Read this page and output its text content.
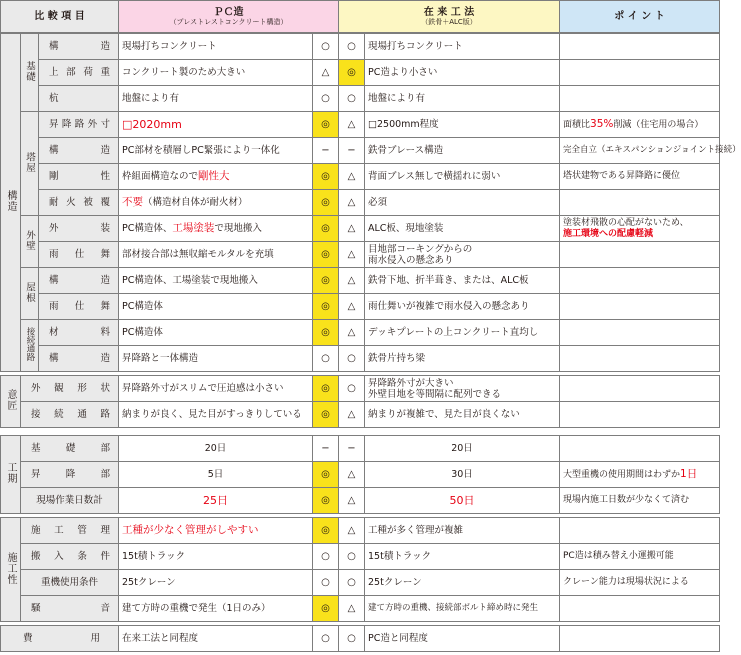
比 較 項 目	ＰＣ造
（プレストレストコンクリート構造）
	在 来 工 法
（鉄骨＋ALC版）	ポ イ ン ト
構造	基礎	構造	現場打ちコンクリート	○	○	現場打ちコンクリート	
		上部荷重	コンクリート製のため大きい	△	◎	PC造より小さい	
		杭	地盤により有	○	○	地盤により有	
	塔屋	昇降路外寸	□2020mm	◎	△	□2500mm程度	面積比35%削減（住宅用の場合）
		構造	PC部材を積層しPC緊張により一体化	−	−	鉄骨ブレース構造	完全自立（エキスパンションジョイント接続）
		剛性	枠組面構造なので剛性大	◎	△	背面ブレス無しで横揺れに弱い	塔状建物である昇降路に優位
		耐火被覆	不要（構造材自体が耐火材）	◎	△	必須	
	外壁	外装	PC構造体、工場塗装で現地搬入	◎	△	ALC板、現地塗装	塗装材飛散の心配がないため、
施工環境への配慮軽減

		雨仕舞	部材接合部は無収縮モルタルを充填	◎	△	目地部コーキングからの
雨水侵入の懸念あり	

	屋根	構造	PC構造体、工場塗装で現地搬入	◎	△	鉄骨下地、折半葺き、または、ALC板	
		雨仕舞	PC構造体	◎	△	雨仕舞いが複雑で雨水侵入の懸念あり	
	接続通路	材料	PC構造体	◎	△	デッキプレートの上コンクリート直均し	
		構造	昇降路と一体構造	○	○	鉄骨片持ち梁	
意匠	外観形状	昇降路外寸がスリムで圧迫感は小さい	◎	○	昇降路外寸が大きい
外壁目地を等間隔に配列できる	

	接続通路	納まりが良く、見た目がすっきりしている	◎	△	納まりが複雑で、見た目が良くない	
工期	基礎部	20日	−	−	20日	
	昇降部	5日	◎	△	30日	大型重機の使用期間はわずか1日
	現場作業日数計	25日	◎	△	50日	現場内施工日数が少なくて済む
施工性	施工管理	工種が少なく管理がしやすい	◎	△	工種が多く管理が複雑	
	搬入条件	15t積トラック	○	○	15t積トラック	PC造は積み替え小運搬可能
	重機使用条件	25tクレーン	○	○	25tクレーン	クレーン能力は現場状況による
	騒音	建て方時の重機で発生（1日のみ）	◎	△	建て方時の重機、接続部ボルト締め時に発生	
費用	在来工法と同程度	○	○	PC造と同程度	
